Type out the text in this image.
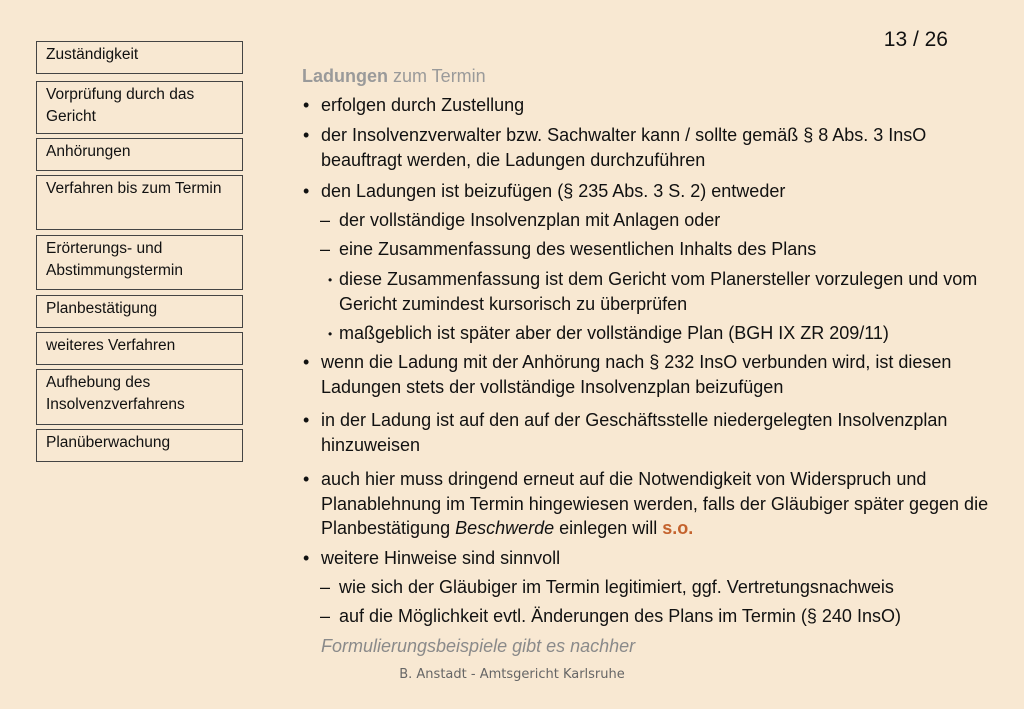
13 / 26
Zuständigkeit
Vorprüfung durch das Gericht
Anhörungen
Verfahren bis zum Termin
Erörterungs- und Abstimmungstermin
Planbestätigung
weiteres Verfahren
Aufhebung des Insolvenzverfahrens
Planüberwachung
Ladungen zum Termin
• erfolgen durch Zustellung
• der Insolvenzverwalter bzw. Sachwalter kann / sollte gemäß § 8 Abs. 3 InsO beauftragt werden, die Ladungen durchzuführen
• den Ladungen ist beizufügen (§ 235 Abs. 3 S. 2) entweder
– der vollständige Insolvenzplan mit Anlagen oder
– eine Zusammenfassung des wesentlichen Inhalts des Plans
• diese Zusammenfassung ist dem Gericht vom Planersteller vorzulegen und vom Gericht zumindest kursorisch zu überprüfen
• maßgeblich ist später aber der vollständige Plan (BGH IX ZR 209/11)
• wenn die Ladung mit der Anhörung nach § 232 InsO verbunden wird, ist diesen Ladungen stets der vollständige Insolvenzplan beizufügen
• in der Ladung ist auf den auf der Geschäftsstelle niedergelegten Insolvenzplan hinzuweisen
• auch hier muss dringend erneut auf die Notwendigkeit von Widerspruch und Planablehnung im Termin hingewiesen werden, falls der Gläubiger später gegen die Planbestätigung Beschwerde einlegen will s.o.
• weitere Hinweise sind sinnvoll
– wie sich der Gläubiger im Termin legitimiert, ggf. Vertretungsnachweis
– auf die Möglichkeit evtl. Änderungen des Plans im Termin (§ 240 InsO)
Formulierungsbeispiele gibt es nachher
B. Anstadt - Amtsgericht Karlsruhe
